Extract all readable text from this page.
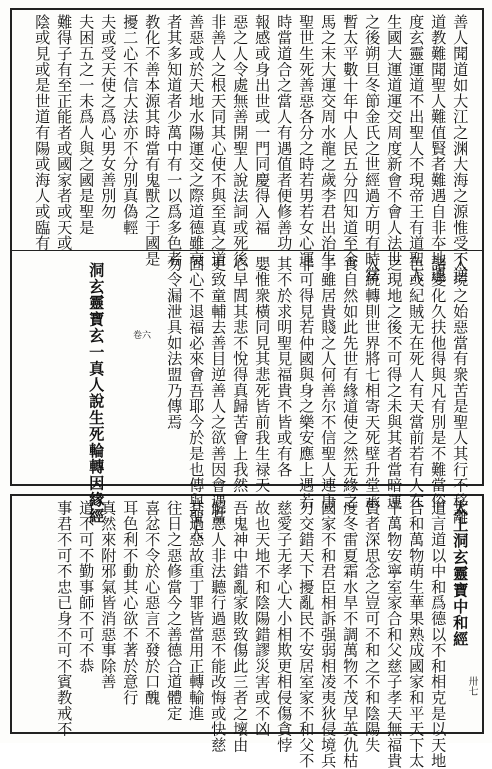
卅七
卷六
善人聞道如大江之渊大海之源惟受不逆
道教難聞聖人難值賢者難遇自非夲地運
度玄靈運道不出聖人不現帝王有道聖人
生國大運道運交周度新會不會人法世
之後朔旦冬節金氏之世經過方明有時當
暫太平數十年中人民五分四知道至金
馬之末大運交周水龍之歲李君出治生
聖世生死善惡各分之時若男若女心運
時當道合之當人有遇值者便修善功
報感或身出世或一門同慶得入福
惡之人令處無善開聖人說法詞或死後
非善人之根天同其心使不與至真之道
善惡或於天地水陽運交之際道德雖衰
者其多知道者少萬中有一以爲多色者
教化不善本源其時當有鬼獸之于國是
擾二心不信大法亦不分別真偽輕
夫或受天使之爲心男女善別勿
夫困五之一未爲人與之國是聖是
難得子有至正能者或國家者或天或
陰或見或是世道有陽或海人或臨有
入境之始惡當有衆苦是聖人其行不移離
諸變化久扶他得與凡有別是不難當俗
色或紀賊无在死人有天當前若有人在
之現地之後不可得之未與其者當暗運
入統轉則世界將七相寄天死壁升堂承
食自然如此先世有緣道使之然无緣之
子雖居貴賤之人何善尔不信聖人連唐
非可得見若仲國與身之樂安應上遇若
其不於求明聖見福貴不皆或有各
嬰惟衆橫同見其悲死皆前我生禄天
心早閭其悲不悅得真歸苦會上我然
更致童輔去善目逆善人之欲善因會遇當
固心不退福必來會吾耶今於是也傳與聖人
勿令漏泄具如法盟乃傳焉
洞玄靈寶玄一真人說生死輪轉因緣經
太上洞玄靈寶中和經
道言道以中和爲德以不和相克是以天地
合和萬物萌生華果熟成國家和平天下太
平萬物安寧室家合和父慈子孝天無福貴
賢者深思念之豈可不和之不和陰陽失
度冬雷夏霜水旱不調萬物不茂早英仇枯
國家不和君臣相訴强弱相凌夷狄侵境兵
刃交錯天下擾亂民不安居室家不和父不
慈愛子无孝心大小相欺更相侵傷貪悖
故也天地不和陰陽錯謬災害或不凶
吾鬼神中錯亂家敗致傷此三者之壞由
解惡人非法聽行過惡不能改悔或快慈
其過惡故重丁罪皆當用正轉輸進
往日之惡修當今之善德合道體定
喜忿不令於心惡言不發於口醜
耳色利不動其心欲不著於意行
真然來附邪氣皆消惡事除善
道不可不勤事師不可不恭
事君不可不忠已身不可不賓教戒不
